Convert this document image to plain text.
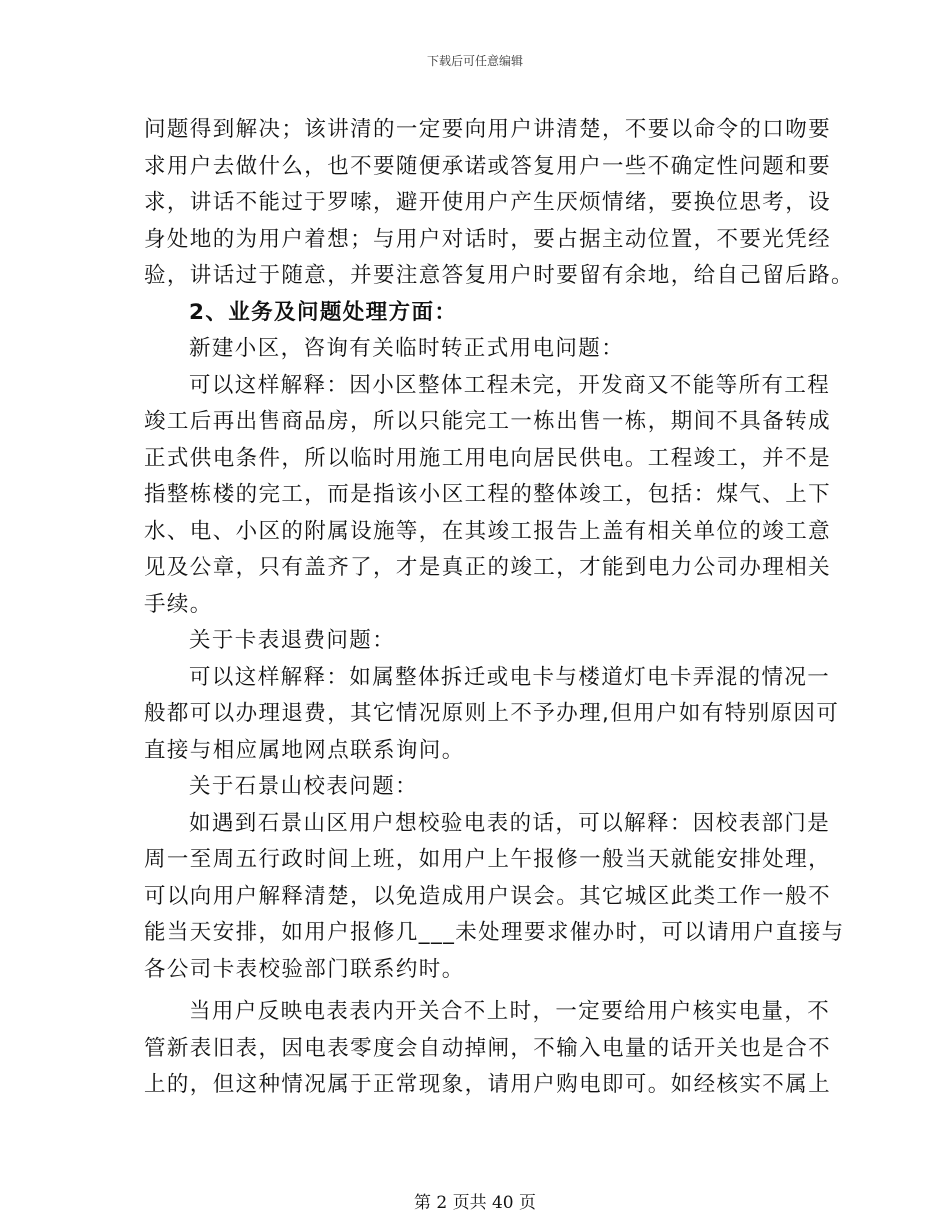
下载后可任意编辑
问题得到解决；该讲清的一定要向用户讲清楚，不要以命令的口吻要
求用户去做什么，也不要随便承诺或答复用户一些不确定性问题和要
求，讲话不能过于罗嗦，避开使用户产生厌烦情绪，要换位思考，设
身处地的为用户着想；与用户对话时，要占据主动位置，不要光凭经
验，讲话过于随意，并要注意答复用户时要留有余地，给自己留后路。
2、业务及问题处理方面：
新建小区，咨询有关临时转正式用电问题：
可以这样解释：因小区整体工程未完，开发商又不能等所有工程
竣工后再出售商品房，所以只能完工一栋出售一栋，期间不具备转成
正式供电条件，所以临时用施工用电向居民供电。工程竣工，并不是
指整栋楼的完工，而是指该小区工程的整体竣工，包括：煤气、上下
水、电、小区的附属设施等，在其竣工报告上盖有相关单位的竣工意
见及公章，只有盖齐了，才是真正的竣工，才能到电力公司办理相关
手续。
关于卡表退费问题：
可以这样解释：如属整体拆迁或电卡与楼道灯电卡弄混的情况一
般都可以办理退费，其它情况原则上不予办理,但用户如有特别原因可
直接与相应属地网点联系询问。
关于石景山校表问题：
如遇到石景山区用户想校验电表的话，可以解释：因校表部门是
周一至周五行政时间上班，如用户上午报修一般当天就能安排处理，
可以向用户解释清楚，以免造成用户误会。其它城区此类工作一般不
能当天安排，如用户报修几___未处理要求催办时，可以请用户直接与
各公司卡表校验部门联系约时。
当用户反映电表表内开关合不上时，一定要给用户核实电量，不
管新表旧表，因电表零度会自动掉闸，不输入电量的话开关也是合不
上的，但这种情况属于正常现象，请用户购电即可。如经核实不属上
第 2 页共 40 页
